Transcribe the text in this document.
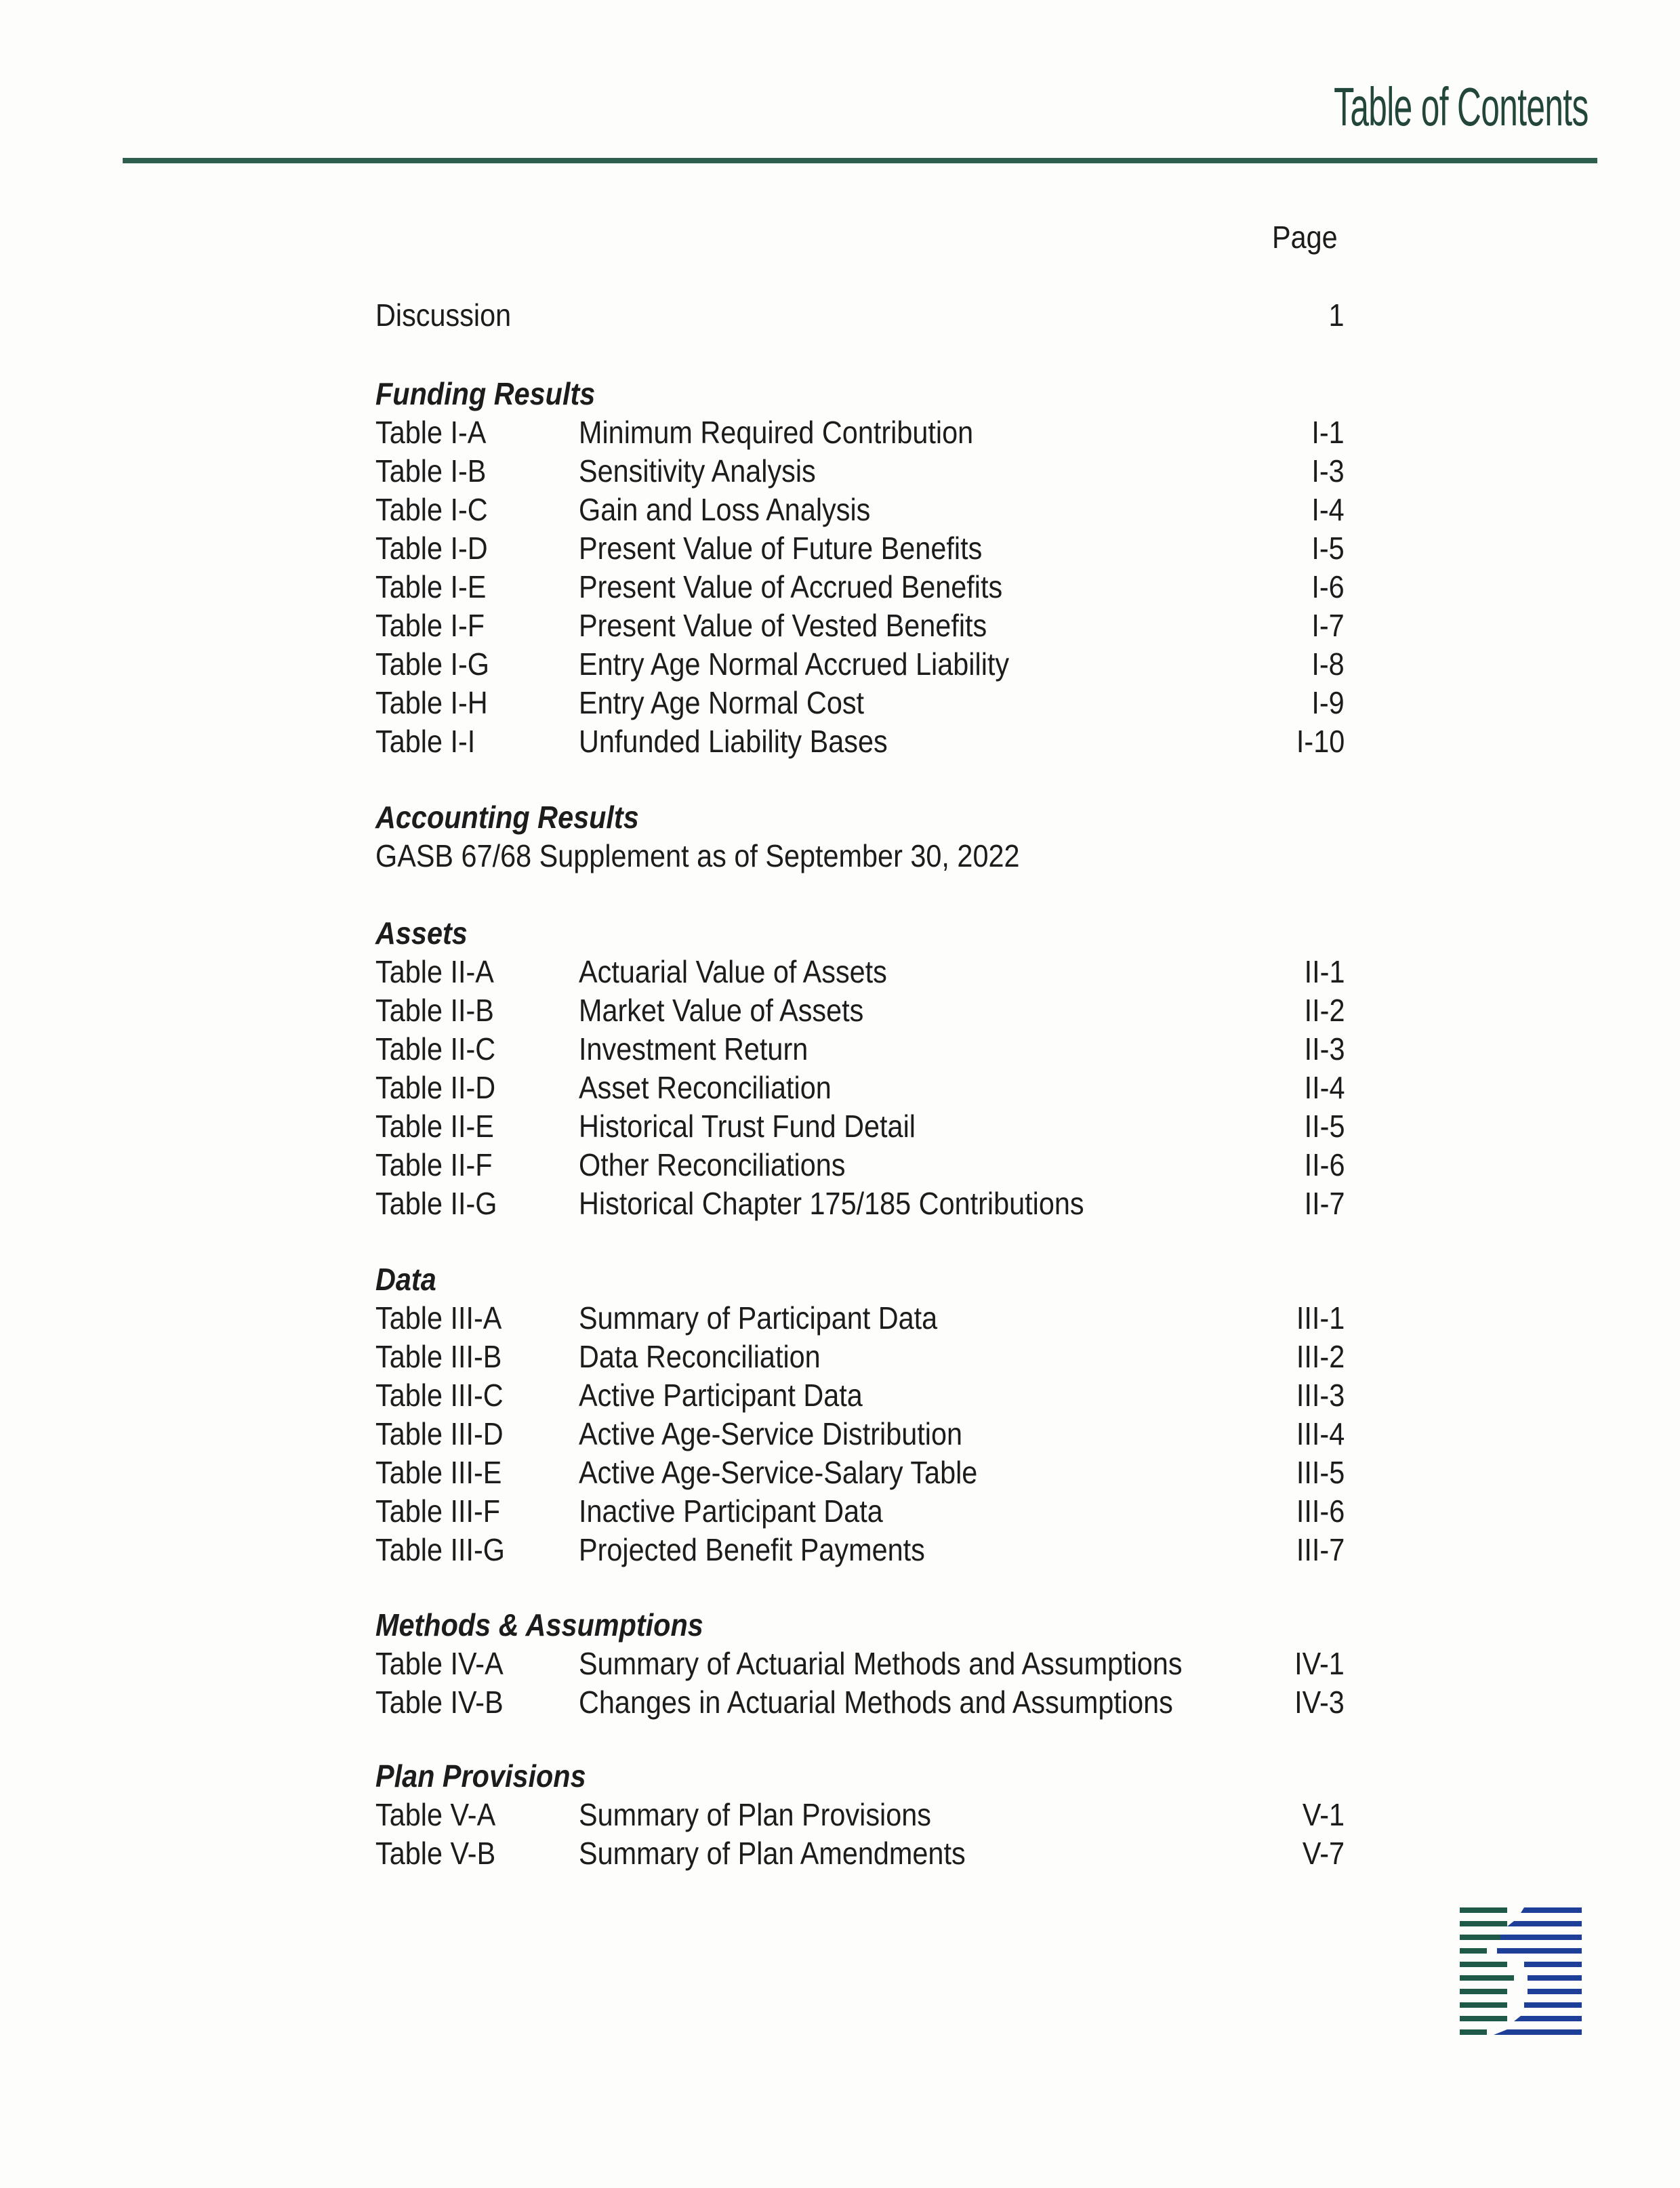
Table of Contents
Page
Discussion	1
Funding Results
Table I-A	Minimum Required Contribution	I-1
Table I-B	Sensitivity Analysis	I-3
Table I-C	Gain and Loss Analysis	I-4
Table I-D	Present Value of Future Benefits	I-5
Table I-E	Present Value of Accrued Benefits	I-6
Table I-F	Present Value of Vested Benefits	I-7
Table I-G	Entry Age Normal Accrued Liability	I-8
Table I-H	Entry Age Normal Cost	I-9
Table I-I	Unfunded Liability Bases	I-10
Accounting Results
GASB 67/68 Supplement as of September 30, 2022
Assets
Table II-A	Actuarial Value of Assets	II-1
Table II-B	Market Value of Assets	II-2
Table II-C	Investment Return	II-3
Table II-D	Asset Reconciliation	II-4
Table II-E	Historical Trust Fund Detail	II-5
Table II-F	Other Reconciliations	II-6
Table II-G	Historical Chapter 175/185 Contributions	II-7
Data
Table III-A	Summary of Participant Data	III-1
Table III-B	Data Reconciliation	III-2
Table III-C	Active Participant Data	III-3
Table III-D	Active Age-Service Distribution	III-4
Table III-E	Active Age-Service-Salary Table	III-5
Table III-F	Inactive Participant Data	III-6
Table III-G	Projected Benefit Payments	III-7
Methods & Assumptions
Table IV-A	Summary of Actuarial Methods and Assumptions	IV-1
Table IV-B	Changes in Actuarial Methods and Assumptions	IV-3
Plan Provisions
Table V-A	Summary of Plan Provisions	V-1
Table V-B	Summary of Plan Amendments	V-7
